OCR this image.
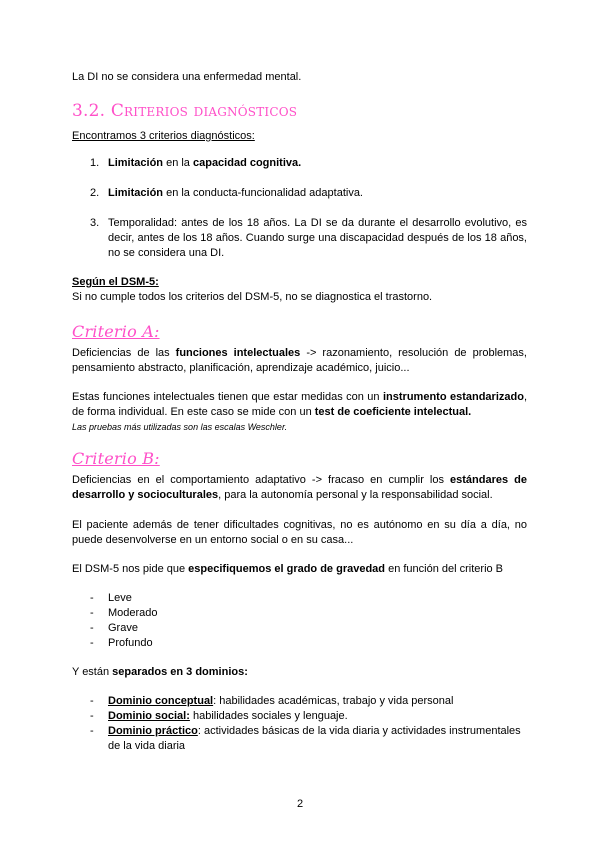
La DI no se considera una enfermedad mental.

3.2. Criterios diagnósticos

Encontramos 3 criterios diagnósticos:

1. Limitación en la capacidad cognitiva.
2. Limitación en la conducta-funcionalidad adaptativa.
3. Temporalidad: antes de los 18 años. La DI se da durante el desarrollo evolutivo, es decir, antes de los 18 años. Cuando surge una discapacidad después de los 18 años, no se considera una DI.

Según el DSM-5:
Si no cumple todos los criterios del DSM-5, no se diagnostica el trastorno.

Criterio A:

Deficiencias de las funciones intelectuales -> razonamiento, resolución de problemas, pensamiento abstracto, planificación, aprendizaje académico, juicio...

Estas funciones intelectuales tienen que estar medidas con un instrumento estandarizado, de forma individual. En este caso se mide con un test de coeficiente intelectual.
Las pruebas más utilizadas son las escalas Weschler.

Criterio B:

Deficiencias en el comportamiento adaptativo -> fracaso en cumplir los estándares de desarrollo y socioculturales, para la autonomía personal y la responsabilidad social.

El paciente además de tener dificultades cognitivas, no es autónomo en su día a día, no puede desenvolverse en un entorno social o en su casa...

El DSM-5 nos pide que especifiquemos el grado de gravedad en función del criterio B

- Leve
- Moderado
- Grave
- Profundo

Y están separados en 3 dominios:

- Dominio conceptual: habilidades académicas, trabajo y vida personal
- Dominio social: habilidades sociales y lenguaje.
- Dominio práctico: actividades básicas de la vida diaria y actividades instrumentales de la vida diaria
2
